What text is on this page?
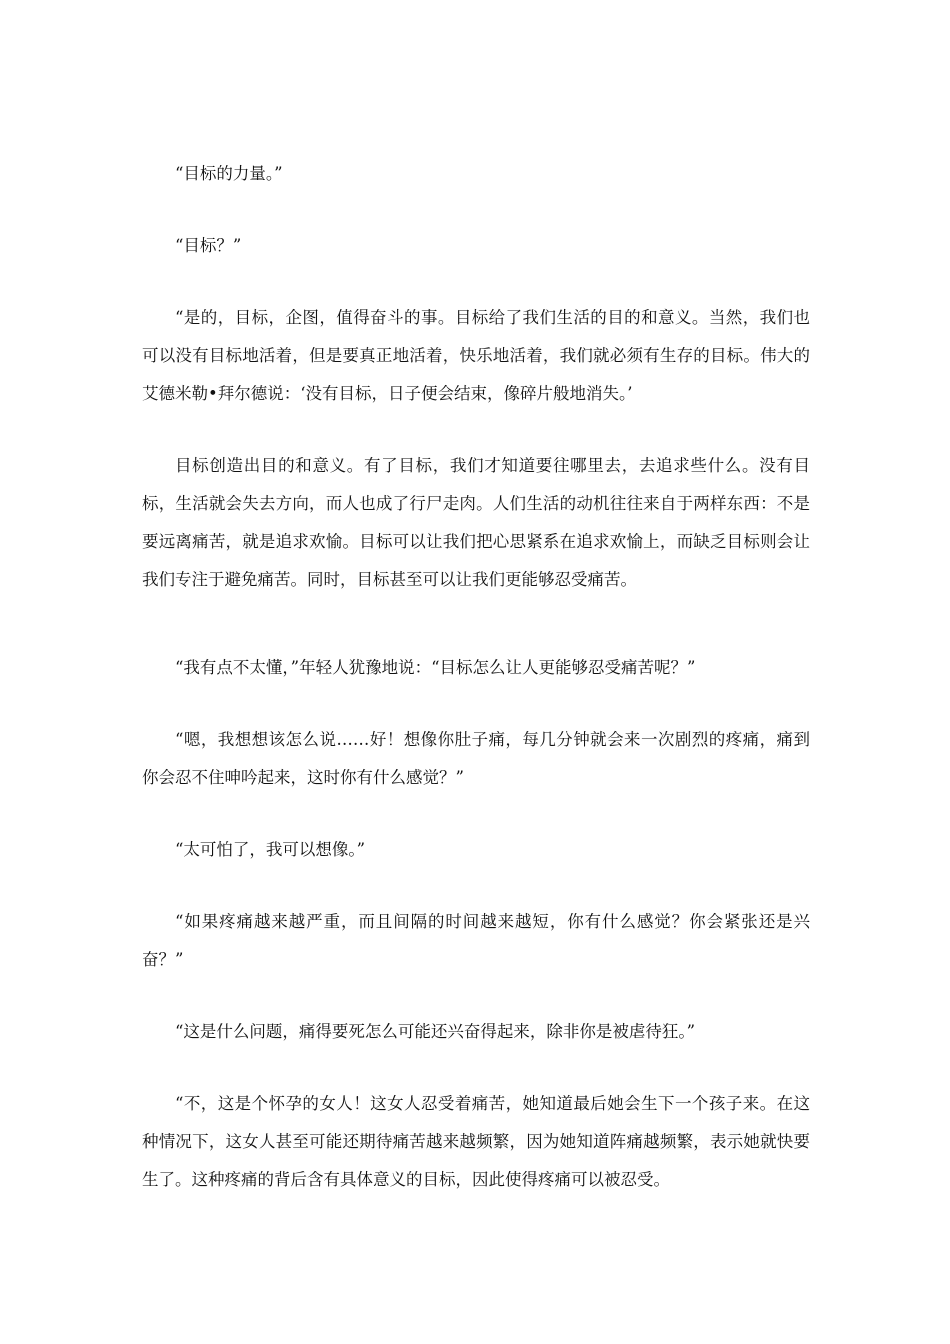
“目标的力量。”

“目标？”

“是的，目标，企图，值得奋斗的事。目标给了我们生活的目的和意义。当然，我们也可以没有目标地活着，但是要真正地活着，快乐地活着，我们就必须有生存的目标。伟大的艾德米勒•拜尔德说：‘没有目标，日子便会结束，像碎片般地消失。’

目标创造出目的和意义。有了目标，我们才知道要往哪里去，去追求些什么。没有目标，生活就会失去方向，而人也成了行尸走肉。人们生活的动机往往来自于两样东西：不是要远离痛苦，就是追求欢愉。目标可以让我们把心思紧系在追求欢愉上，而缺乏目标则会让我们专注于避免痛苦。同时，目标甚至可以让我们更能够忍受痛苦。

“我有点不太懂，”年轻人犹豫地说：“目标怎么让人更能够忍受痛苦呢？”

“嗯，我想想该怎么说……好！想像你肚子痛，每几分钟就会来一次剧烈的疼痛，痛到你会忍不住呻吟起来，这时你有什么感觉？”

“太可怕了，我可以想像。”

“如果疼痛越来越严重，而且间隔的时间越来越短，你有什么感觉？你会紧张还是兴奋？”

“这是什么问题，痛得要死怎么可能还兴奋得起来，除非你是被虐待狂。”

“不，这是个怀孕的女人！这女人忍受着痛苦，她知道最后她会生下一个孩子来。在这种情况下，这女人甚至可能还期待痛苦越来越频繁，因为她知道阵痛越频繁，表示她就快要生了。这种疼痛的背后含有具体意义的目标，因此使得疼痛可以被忍受。
